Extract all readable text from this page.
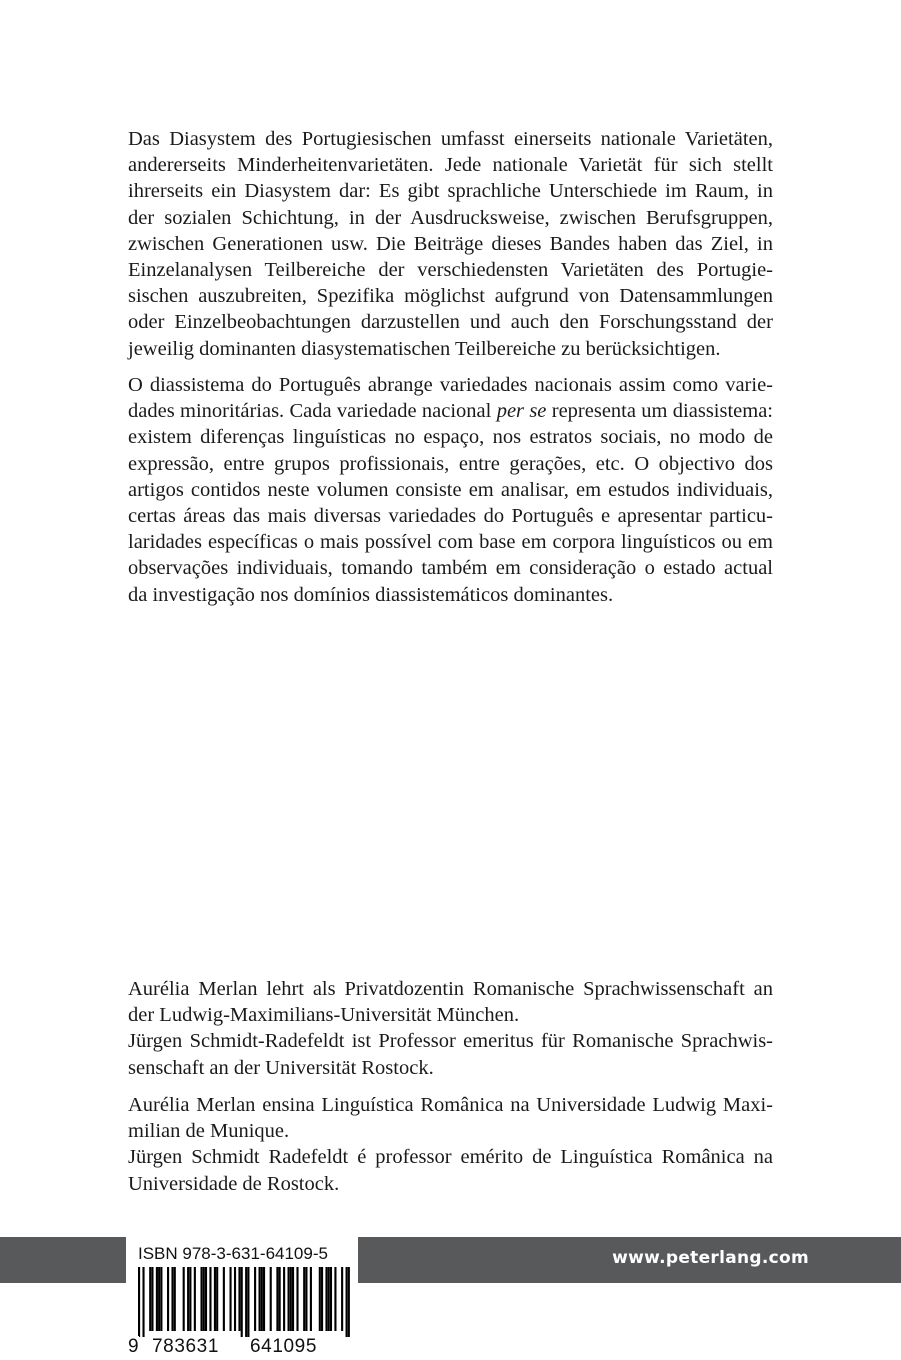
Das Diasystem des Portugiesischen umfasst einerseits nationale Varietäten,
andererseits Minderheitenvarietäten. Jede nationale Varietät für sich stellt
ihrerseits ein Diasystem dar: Es gibt sprachliche Unterschiede im Raum, in
der sozialen Schichtung, in der Ausdrucksweise, zwischen Berufsgruppen,
zwischen Generationen usw. Die Beiträge dieses Bandes haben das Ziel, in
Einzelanalysen Teilbereiche der verschiedensten Varietäten des Portugie-
sischen auszubreiten, Spezifika möglichst aufgrund von Datensammlungen
oder Einzelbeobachtungen darzustellen und auch den Forschungsstand der
jeweilig dominanten diasystematischen Teilbereiche zu berücksichtigen.
O diassistema do Português abrange variedades nacionais assim como varie-
dades minoritárias. Cada variedade nacional per se representa um diassistema:
existem diferenças linguísticas no espaço, nos estratos sociais, no modo de
expressão, entre grupos profissionais, entre gerações, etc. O objectivo dos
artigos contidos neste volumen consiste em analisar, em estudos individuais,
certas áreas das mais diversas variedades do Português e apresentar particu-
laridades específicas o mais possível com base em corpora linguísticos ou em
observações individuais, tomando também em consideração o estado actual
da investigação nos domínios diassistemáticos dominantes.
Aurélia Merlan lehrt als Privatdozentin Romanische Sprachwissenschaft an
der Ludwig-Maximilians-Universität München.
Jürgen Schmidt-Radefeldt ist Professor emeritus für Romanische Sprachwis-
senschaft an der Universität Rostock.
Aurélia Merlan ensina Linguística Românica na Universidade Ludwig Maxi-
milian de Munique.
Jürgen Schmidt Radefeldt é professor emérito de Linguística Românica na
Universidade de Rostock.
www.peterlang.com
ISBN 978-3-631-64109-5
9 783631 641095
